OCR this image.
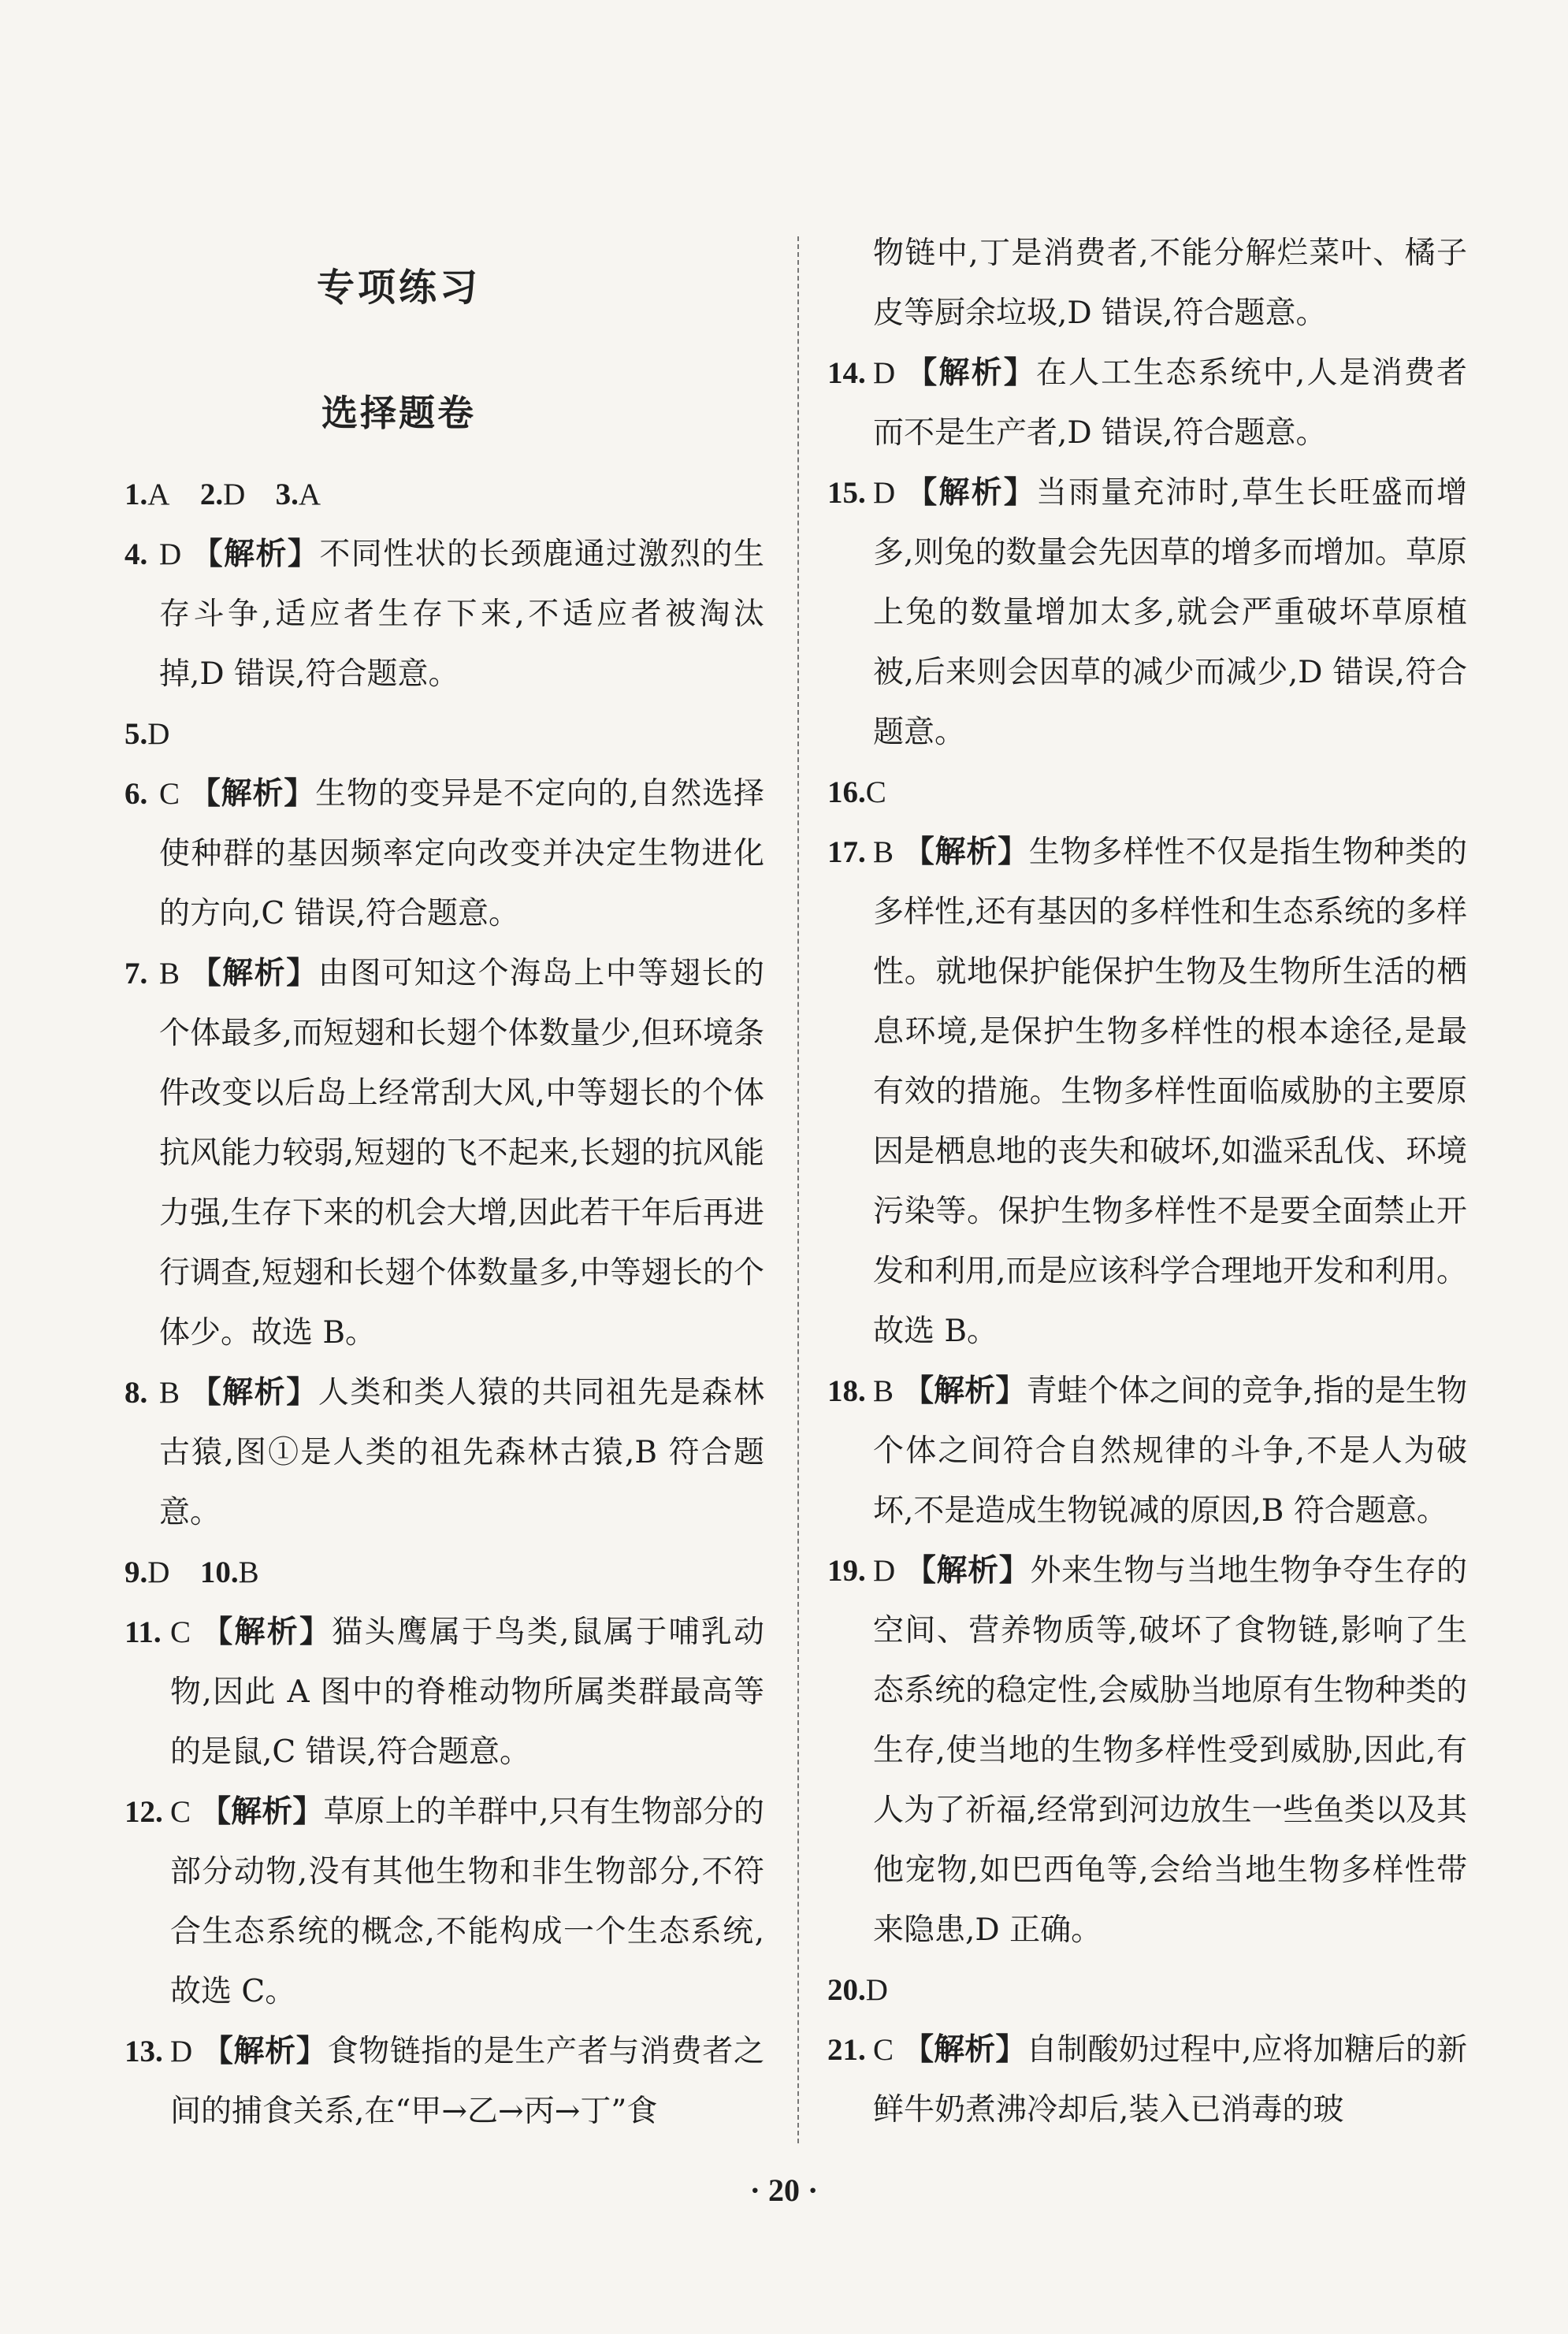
专项练习
选择题卷

1.A 2.D 3.A

4. D 【解析】不同性状的长颈鹿通过激烈的生存斗争,适应者生存下来,不适应者被淘汰掉,D 错误,符合题意。

5.D

6. C 【解析】生物的变异是不定向的,自然选择使种群的基因频率定向改变并决定生物进化的方向,C 错误,符合题意。

7. B 【解析】由图可知这个海岛上中等翅长的个体最多,而短翅和长翅个体数量少,但环境条件改变以后岛上经常刮大风,中等翅长的个体抗风能力较弱,短翅的飞不起来,长翅的抗风能力强,生存下来的机会大增,因此若干年后再进行调查,短翅和长翅个体数量多,中等翅长的个体少。故选 B。

8. B 【解析】人类和类人猿的共同祖先是森林古猿,图①是人类的祖先森林古猿,B 符合题意。

9.D 10.B

11. C 【解析】猫头鹰属于鸟类,鼠属于哺乳动物,因此 A 图中的脊椎动物所属类群最高等的是鼠,C 错误,符合题意。

12. C 【解析】草原上的羊群中,只有生物部分的部分动物,没有其他生物和非生物部分,不符合生态系统的概念,不能构成一个生态系统,故选 C。

13. D 【解析】食物链指的是生产者与消费者之间的捕食关系,在“甲→乙→丙→丁”食

物链中,丁是消费者,不能分解烂菜叶、橘子皮等厨余垃圾,D 错误,符合题意。

14. D 【解析】在人工生态系统中,人是消费者而不是生产者,D 错误,符合题意。

15. D 【解析】当雨量充沛时,草生长旺盛而增多,则兔的数量会先因草的增多而增加。草原上兔的数量增加太多,就会严重破坏草原植被,后来则会因草的减少而减少,D 错误,符合题意。

16.C

17. B 【解析】生物多样性不仅是指生物种类的多样性,还有基因的多样性和生态系统的多样性。就地保护能保护生物及生物所生活的栖息环境,是保护生物多样性的根本途径,是最有效的措施。生物多样性面临威胁的主要原因是栖息地的丧失和破坏,如滥采乱伐、环境污染等。保护生物多样性不是要全面禁止开发和利用,而是应该科学合理地开发和利用。故选 B。

18. B 【解析】青蛙个体之间的竞争,指的是生物个体之间符合自然规律的斗争,不是人为破坏,不是造成生物锐减的原因,B 符合题意。

19. D 【解析】外来生物与当地生物争夺生存的空间、营养物质等,破坏了食物链,影响了生态系统的稳定性,会威胁当地原有生物种类的生存,使当地的生物多样性受到威胁,因此,有人为了祈福,经常到河边放生一些鱼类以及其他宠物,如巴西龟等,会给当地生物多样性带来隐患,D 正确。

20.D

21. C 【解析】自制酸奶过程中,应将加糖后的新鲜牛奶煮沸冷却后,装入已消毒的玻

· 20 ·
